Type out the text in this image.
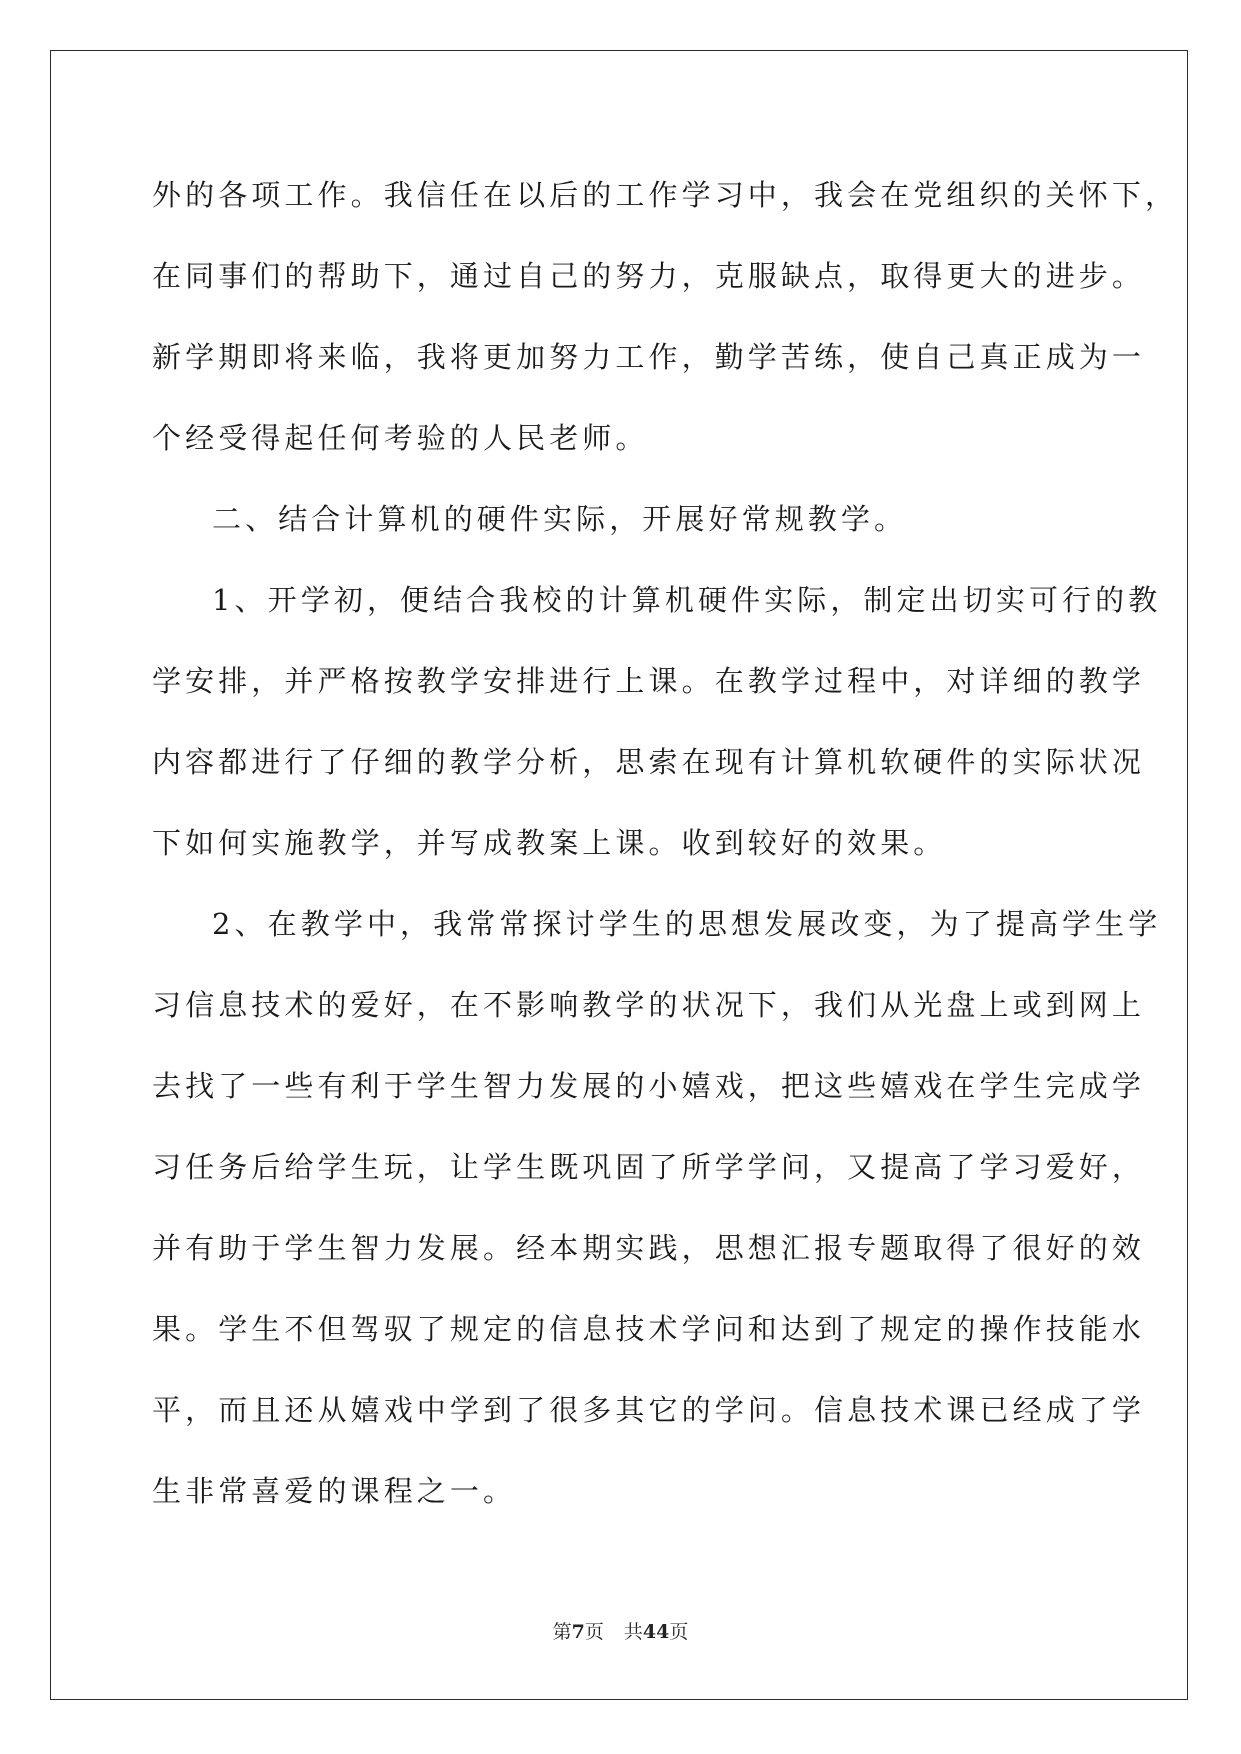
外的各项工作。我信任在以后的工作学习中，我会在党组织的关怀下，
在同事们的帮助下，通过自己的努力，克服缺点，取得更大的进步。
新学期即将来临，我将更加努力工作，勤学苦练，使自己真正成为一
个经受得起任何考验的人民老师。
二、结合计算机的硬件实际，开展好常规教学。
1、开学初，便结合我校的计算机硬件实际，制定出切实可行的教
学安排，并严格按教学安排进行上课。在教学过程中，对详细的教学
内容都进行了仔细的教学分析，思索在现有计算机软硬件的实际状况
下如何实施教学，并写成教案上课。收到较好的效果。
2、在教学中，我常常探讨学生的思想发展改变，为了提高学生学
习信息技术的爱好，在不影响教学的状况下，我们从光盘上或到网上
去找了一些有利于学生智力发展的小嬉戏，把这些嬉戏在学生完成学
习任务后给学生玩，让学生既巩固了所学学问，又提高了学习爱好，
并有助于学生智力发展。经本期实践，思想汇报专题取得了很好的效
果。学生不但驾驭了规定的信息技术学问和达到了规定的操作技能水
平，而且还从嬉戏中学到了很多其它的学问。信息技术课已经成了学
生非常喜爱的课程之一。
第7页 共44页
